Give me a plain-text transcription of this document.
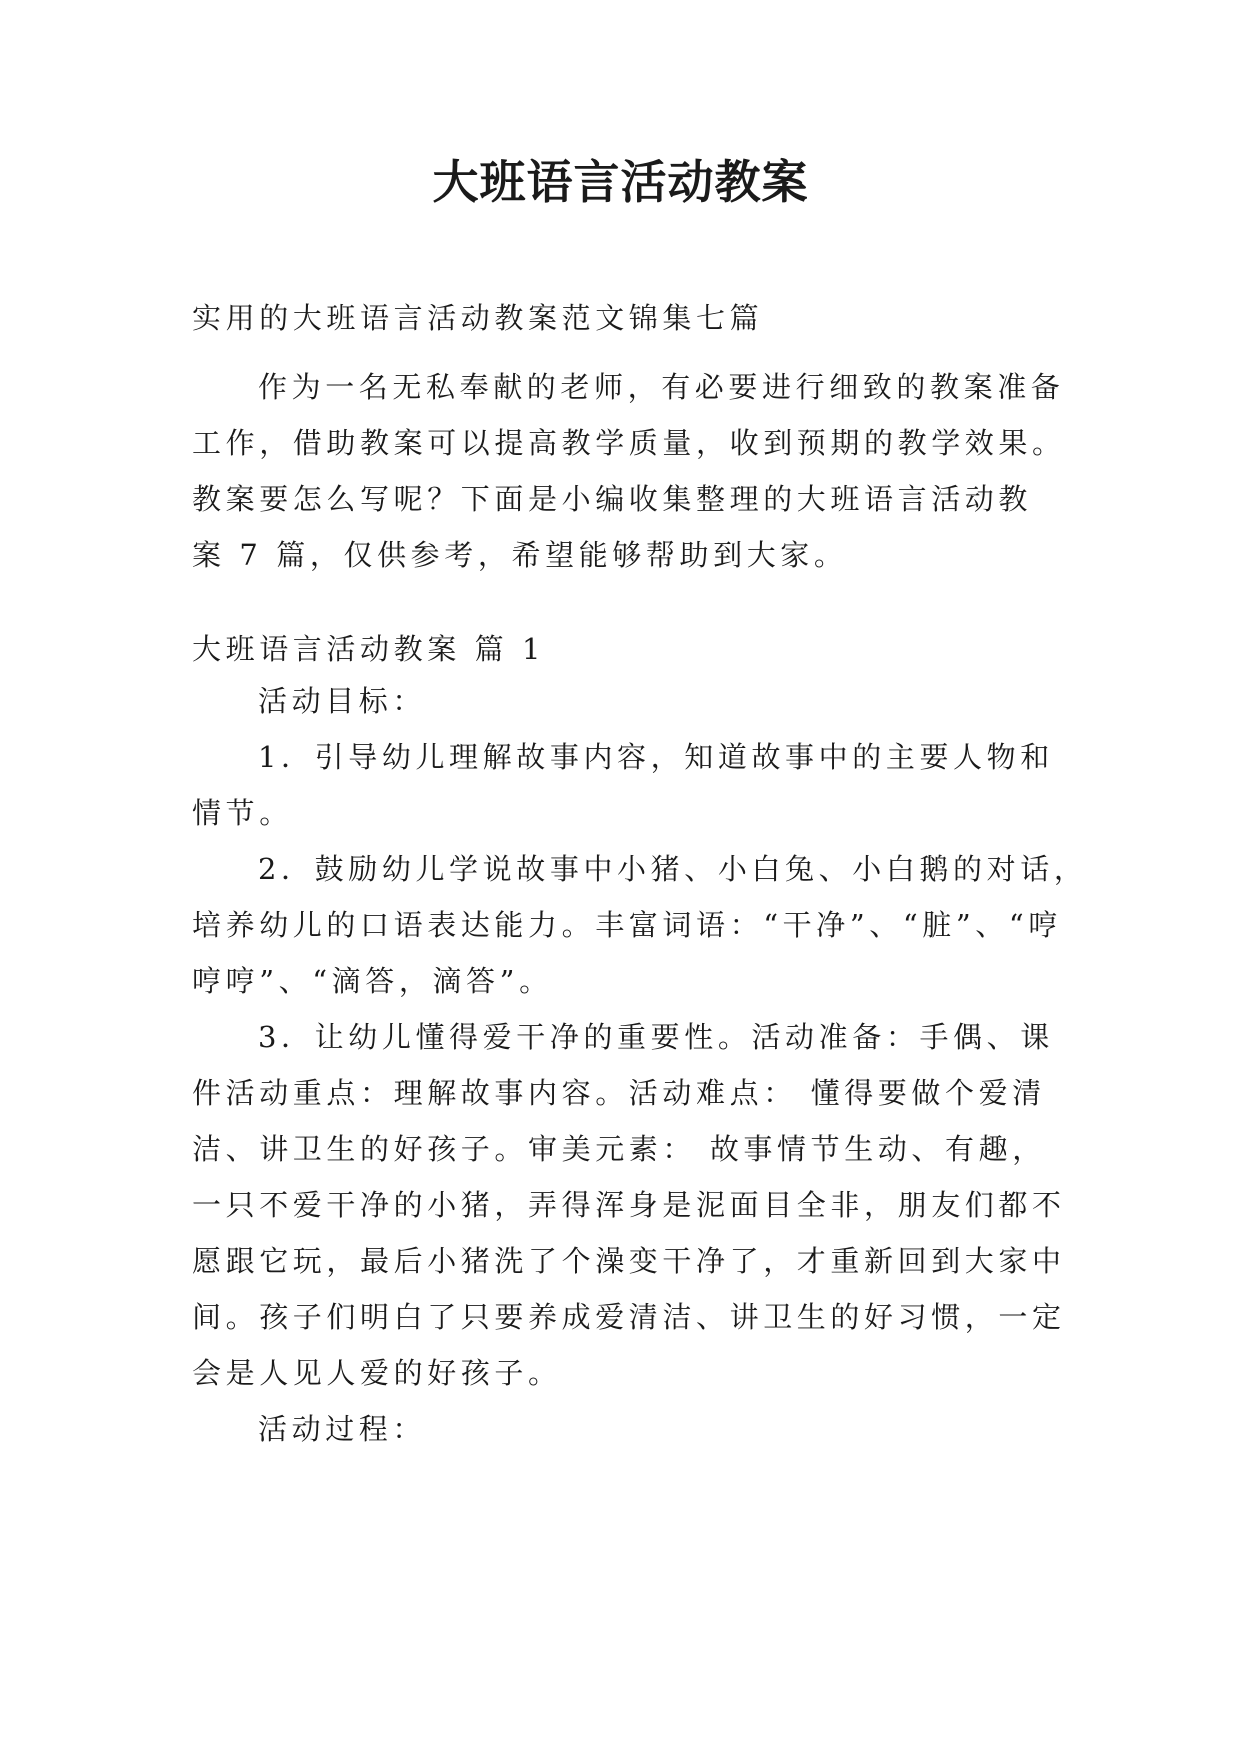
大班语言活动教案
实用的大班语言活动教案范文锦集七篇
作为一名无私奉献的老师，有必要进行细致的教案准备
工作，借助教案可以提高教学质量，收到预期的教学效果。
教案要怎么写呢？下面是小编收集整理的大班语言活动教
案 7 篇，仅供参考，希望能够帮助到大家。
大班语言活动教案 篇 1
活动目标：
1．引导幼儿理解故事内容，知道故事中的主要人物和
情节。
2．鼓励幼儿学说故事中小猪、小白兔、小白鹅的对话，
培养幼儿的口语表达能力。丰富词语：“干净”、“脏”、“哼
哼哼”、“滴答，滴答”。
3．让幼儿懂得爱干净的重要性。活动准备：手偶、课
件活动重点：理解故事内容。活动难点： 懂得要做个爱清
洁、讲卫生的好孩子。审美元素： 故事情节生动、有趣，
一只不爱干净的小猪，弄得浑身是泥面目全非，朋友们都不
愿跟它玩，最后小猪洗了个澡变干净了，才重新回到大家中
间。孩子们明白了只要养成爱清洁、讲卫生的好习惯，一定
会是人见人爱的好孩子。
活动过程：
